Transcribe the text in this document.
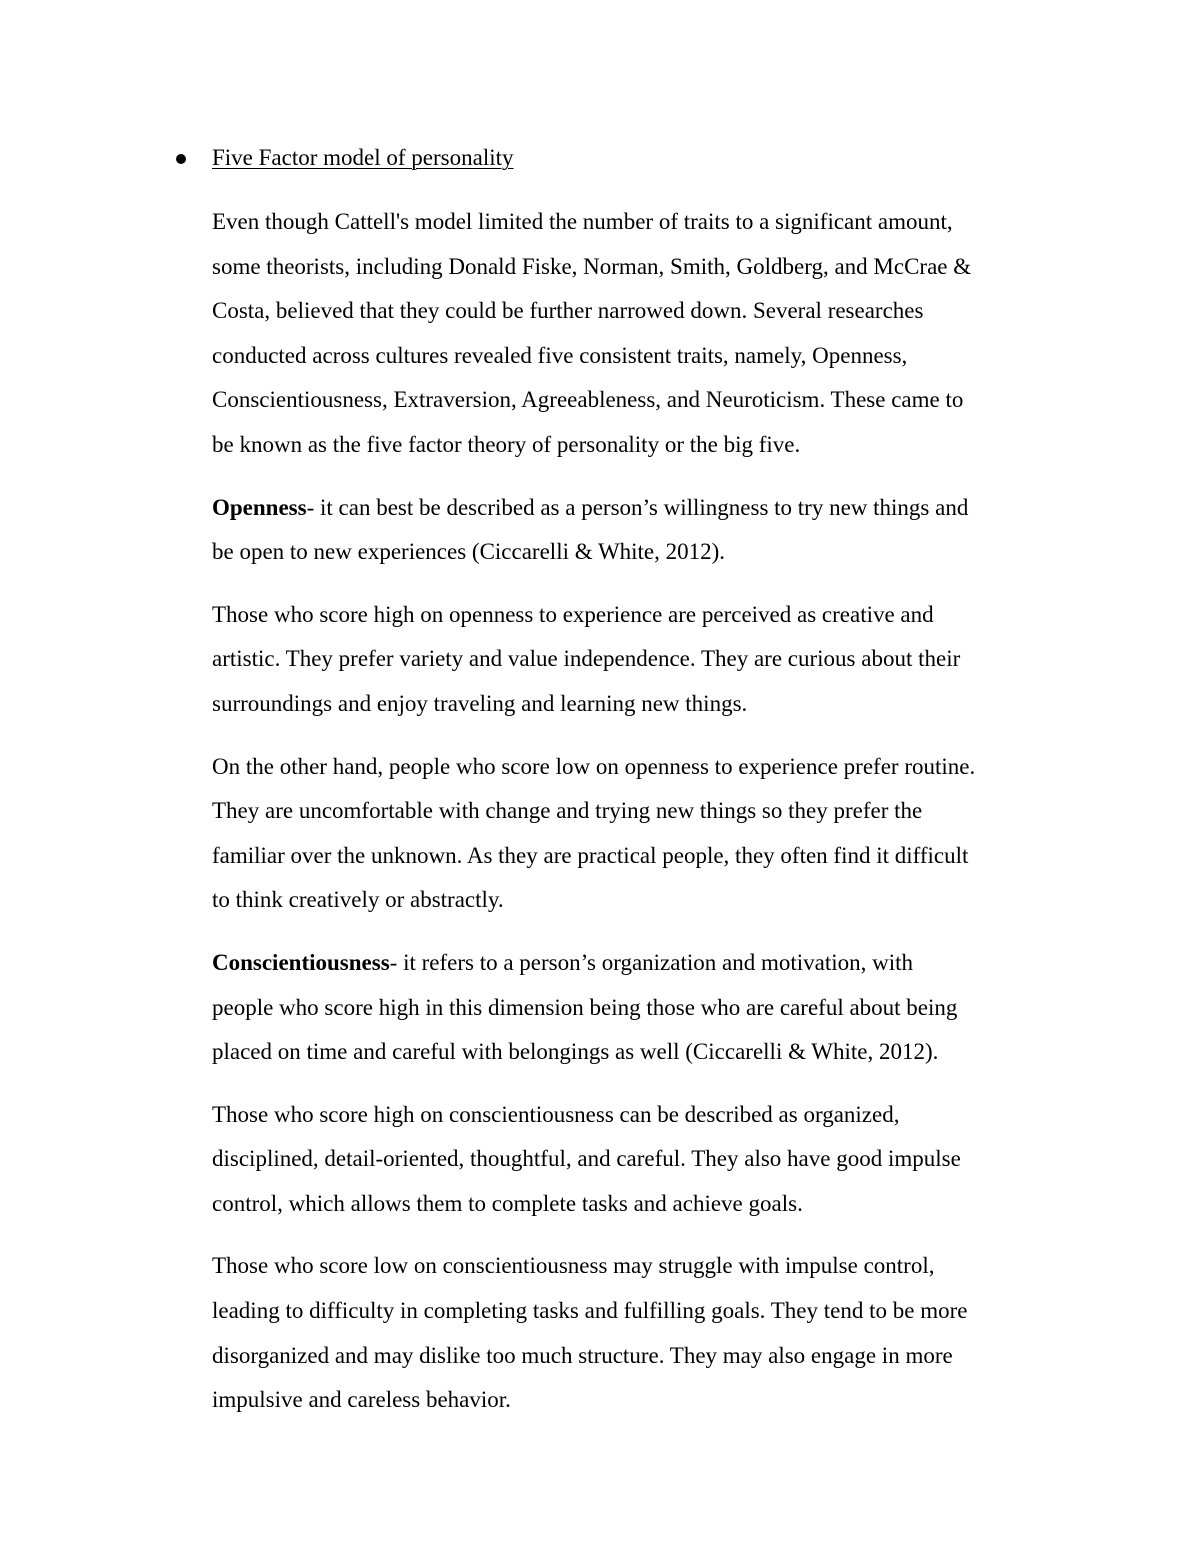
Five Factor model of personality

Even though Cattell's model limited the number of traits to a significant amount,
some theorists, including Donald Fiske, Norman, Smith, Goldberg, and McCrae &
Costa, believed that they could be further narrowed down. Several researches
conducted across cultures revealed five consistent traits, namely, Openness,
Conscientiousness, Extraversion, Agreeableness, and Neuroticism. These came to
be known as the five factor theory of personality or the big five.

Openness- it can best be described as a person’s willingness to try new things and
be open to new experiences (Ciccarelli & White, 2012).

Those who score high on openness to experience are perceived as creative and
artistic. They prefer variety and value independence. They are curious about their
surroundings and enjoy traveling and learning new things.

On the other hand, people who score low on openness to experience prefer routine.
They are uncomfortable with change and trying new things so they prefer the
familiar over the unknown. As they are practical people, they often find it difficult
to think creatively or abstractly.

Conscientiousness- it refers to a person’s organization and motivation, with
people who score high in this dimension being those who are careful about being
placed on time and careful with belongings as well (Ciccarelli & White, 2012).

Those who score high on conscientiousness can be described as organized,
disciplined, detail-oriented, thoughtful, and careful. They also have good impulse
control, which allows them to complete tasks and achieve goals.

Those who score low on conscientiousness may struggle with impulse control,
leading to difficulty in completing tasks and fulfilling goals. They tend to be more
disorganized and may dislike too much structure. They may also engage in more
impulsive and careless behavior.
